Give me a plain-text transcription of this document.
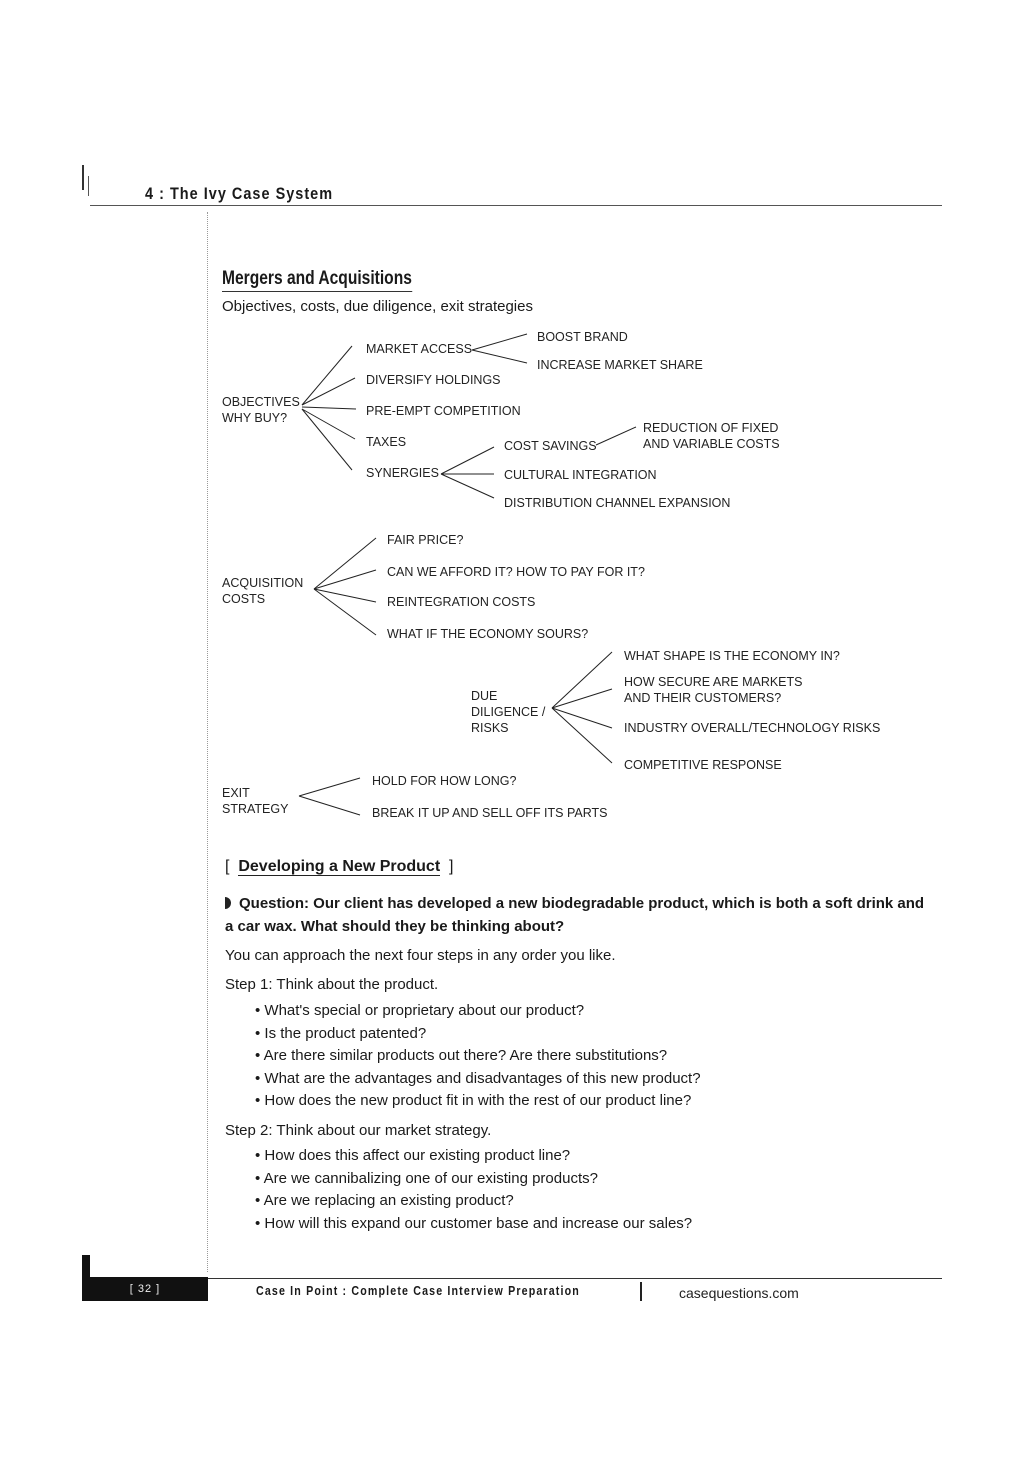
4 : The Ivy Case System
Mergers and Acquisitions
Objectives, costs, due diligence, exit strategies
OBJECTIVES
WHY BUY?
MARKET ACCESS
BOOST BRAND
INCREASE MARKET SHARE
DIVERSIFY HOLDINGS
PRE-EMPT COMPETITION
TAXES
SYNERGIES
COST SAVINGS
REDUCTION OF FIXED
AND VARIABLE COSTS
CULTURAL INTEGRATION
DISTRIBUTION CHANNEL EXPANSION
ACQUISITION
COSTS
FAIR PRICE?
CAN WE AFFORD IT? HOW TO PAY FOR IT?
REINTEGRATION COSTS
WHAT IF THE ECONOMY SOURS?
DUE
DILIGENCE /
RISKS
WHAT SHAPE IS THE ECONOMY IN?
HOW SECURE ARE MARKETS
AND THEIR CUSTOMERS?
INDUSTRY OVERALL/TECHNOLOGY RISKS
COMPETITIVE RESPONSE
EXIT
STRATEGY
HOLD FOR HOW LONG?
BREAK IT UP AND SELL OFF ITS PARTS
[ Developing a New Product ]
Question: Our client has developed a new biodegradable product, which is both a soft drink and a car wax. What should they be thinking about?
You can approach the next four steps in any order you like.
Step 1: Think about the product.
• What's special or proprietary about our product?
• Is the product patented?
• Are there similar products out there? Are there substitutions?
• What are the advantages and disadvantages of this new product?
• How does the new product fit in with the rest of our product line?
Step 2: Think about our market strategy.
• How does this affect our existing product line?
• Are we cannibalizing one of our existing products?
• Are we replacing an existing product?
• How will this expand our customer base and increase our sales?
[ 32 ]	Case In Point : Complete Case Interview Preparation	casequestions.com
